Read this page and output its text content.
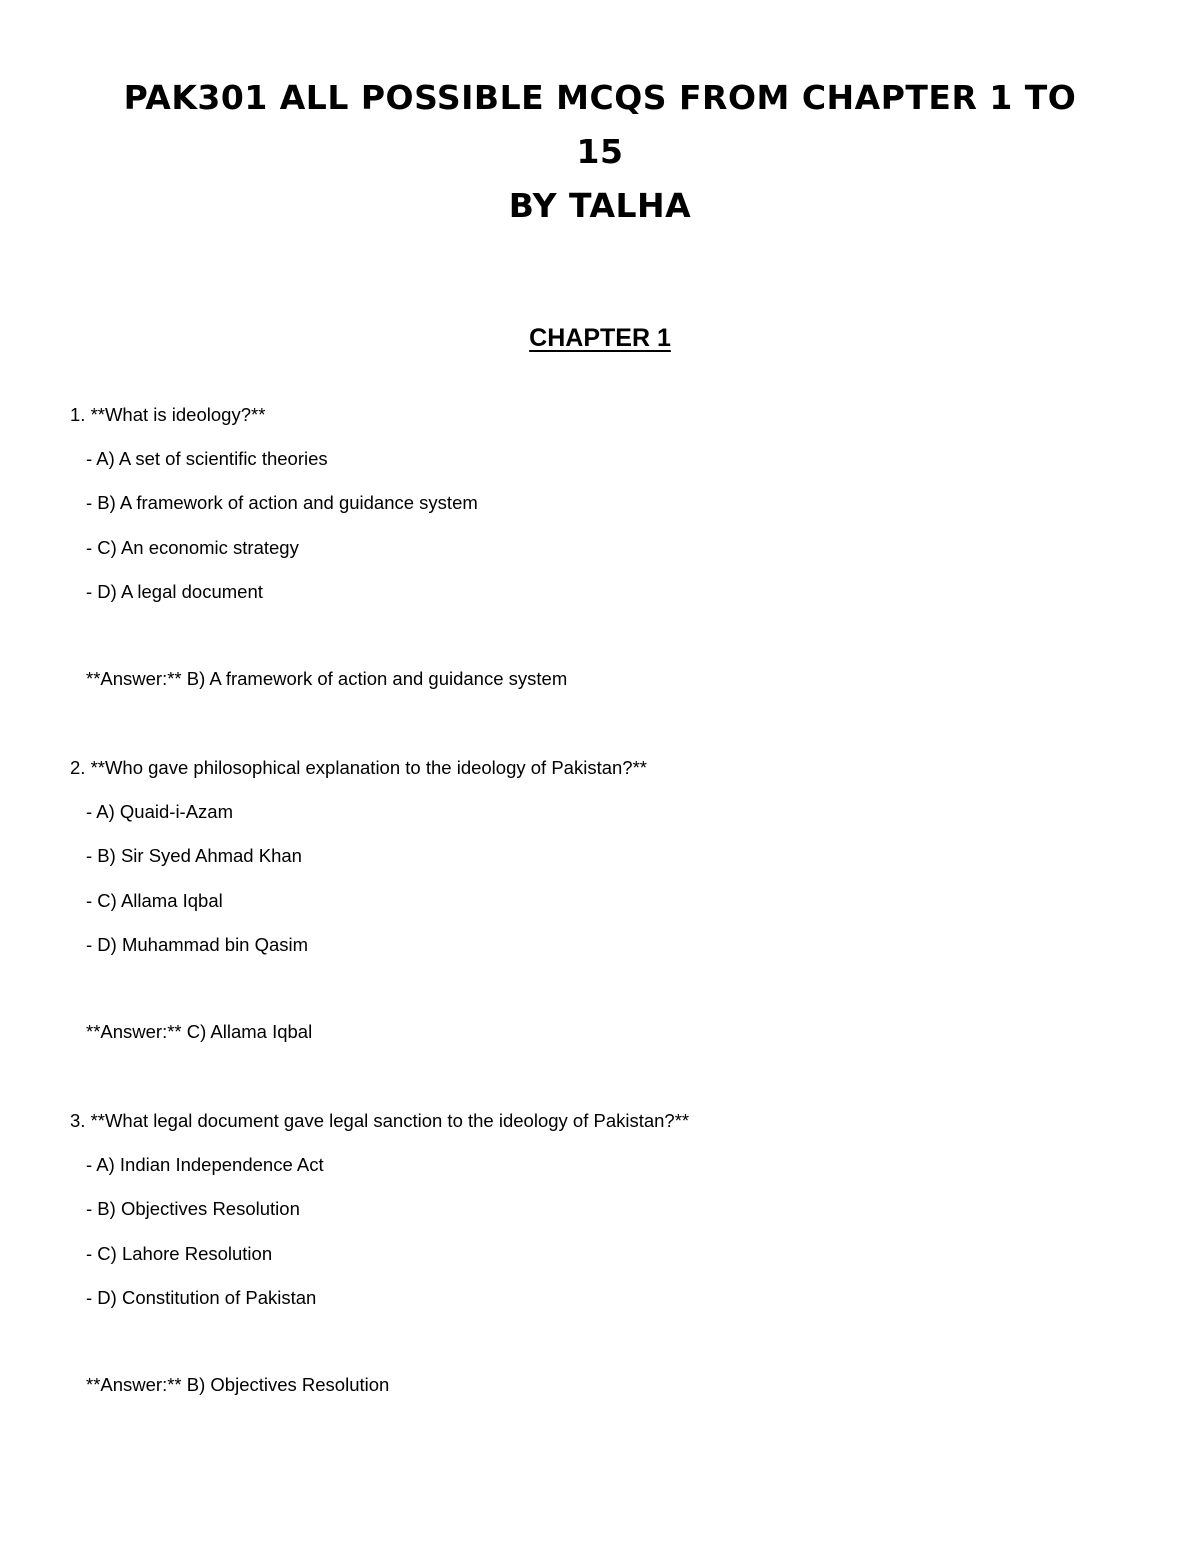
PAK301 ALL POSSIBLE MCQS FROM CHAPTER 1 TO
15
BY TALHA
CHAPTER 1

1. **What is ideology?**

- A) A set of scientific theories

- B) A framework of action and guidance system

- C) An economic strategy

- D) A legal document

**Answer:** B) A framework of action and guidance system

2. **Who gave philosophical explanation to the ideology of Pakistan?**

- A) Quaid-i-Azam

- B) Sir Syed Ahmad Khan

- C) Allama Iqbal

- D) Muhammad bin Qasim

**Answer:** C) Allama Iqbal

3. **What legal document gave legal sanction to the ideology of Pakistan?**

- A) Indian Independence Act

- B) Objectives Resolution

- C) Lahore Resolution

- D) Constitution of Pakistan

**Answer:** B) Objectives Resolution
